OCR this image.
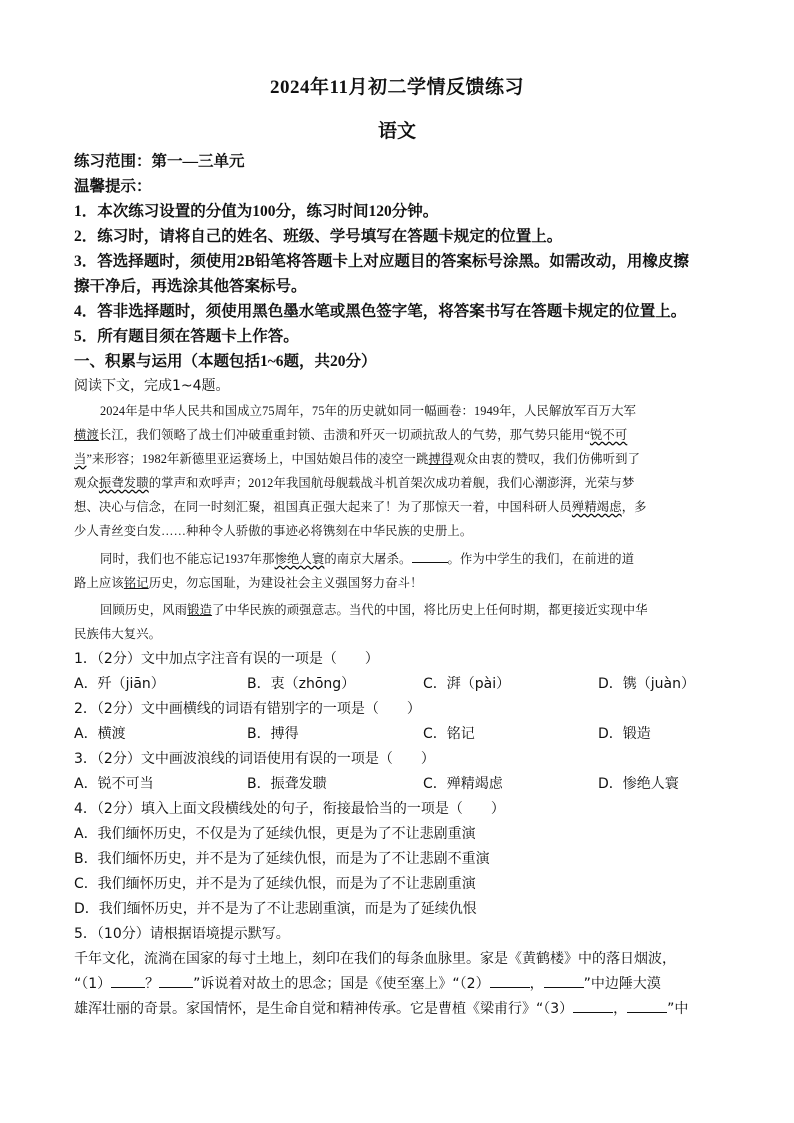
2024年11月初二学情反馈练习
语文
练习范围：第一—三单元
温馨提示：
1．本次练习设置的分值为100分，练习时间120分钟。
2．练习时，请将自己的姓名、班级、学号填写在答题卡规定的位置上。
3．答选择题时，须使用2B铅笔将答题卡上对应题目的答案标号涂黑。如需改动，用橡皮擦
擦干净后，再选涂其他答案标号。
4．答非选择题时，须使用黑色墨水笔或黑色签字笔，将答案书写在答题卡规定的位置上。
5．所有题目须在答题卡上作答。
一、积累与运用（本题包括1~6题，共20分）
阅读下文，完成1~4题。
2024年是中华人民共和国成立75周年，75年的历史就如同一幅画卷：1949年，人民解放军百万大军
横渡长江，我们领略了战士们冲破重重封锁、击溃和歼灭一切顽抗敌人的气势，那气势只能用“锐不可
当”来形容；1982年新德里亚运赛场上，中国姑娘吕伟的凌空一跳搏得观众由衷的赞叹，我们仿佛听到了
观众振聋发聩的掌声和欢呼声；2012年我国航母舰载战斗机首架次成功着舰，我们心潮澎湃，光荣与梦
想、决心与信念，在同一时刻汇聚，祖国真正强大起来了！为了那惊天一着，中国科研人员殚精竭虑，多
少人青丝变白发……种种令人骄傲的事迹必将镌刻在中华民族的史册上。
同时，我们也不能忘记1937年那惨绝人寰的南京大屠杀。	。作为中学生的我们，在前进的道
路上应该铭记历史，勿忘国耻，为建设社会主义强国努力奋斗！
回顾历史，风雨锻造了中华民族的顽强意志。当代的中国，将比历史上任何时期，都更接近实现中华
民族伟大复兴。
1．（2分）文中加点字注音有误的一项是（　　）
A．歼（jiān）	B．衷（zhōng）	C．湃（pài）	D．镌（juàn）
2．（2分）文中画横线的词语有错别字的一项是（　　）
A．横渡	B．搏得	C．铭记	D．锻造
3．（2分）文中画波浪线的词语使用有误的一项是（　　）
A．锐不可当	B．振聋发聩	C．殚精竭虑	D．惨绝人寰
4．（2分）填入上面文段横线处的句子，衔接最恰当的一项是（　　）
A．我们缅怀历史，不仅是为了延续仇恨，更是为了不让悲剧重演
B．我们缅怀历史，并不是为了延续仇恨，而是为了不让悲剧不重演
C．我们缅怀历史，并不是为了延续仇恨，而是为了不让悲剧重演
D．我们缅怀历史，并不是为了不让悲剧重演，而是为了延续仇恨
5．（10分）请根据语境提示默写。
千年文化，流淌在国家的每寸土地上，刻印在我们的每条血脉里。家是《黄鹤楼》中的落日烟波，
“（1） ？ ”诉说着对故土的思念；国是《使至塞上》“（2）	，	”中边陲大漠
雄浑壮丽的奇景。家国情怀，是生命自觉和精神传承。它是曹植《梁甫行》“（3）	，	”中
